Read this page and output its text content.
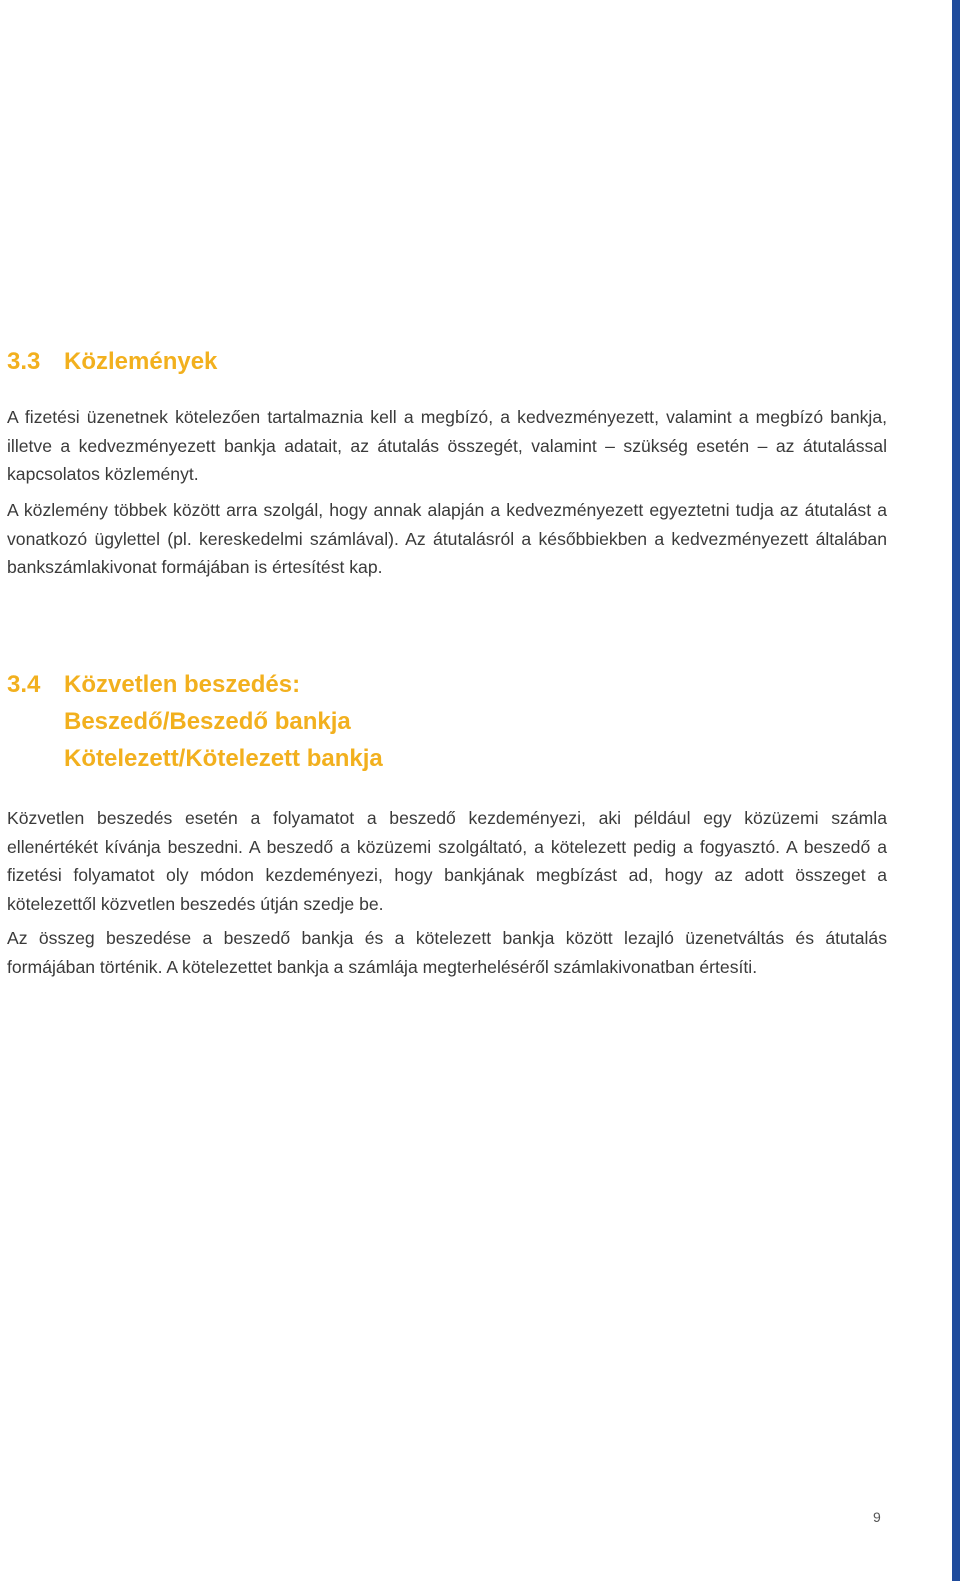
3.3 Közlemények

A fizetési üzenetnek kötelezően tartalmaznia kell a megbízó, a kedvezményezett, valamint a megbízó bankja, illetve a kedvezményezett bankja adatait, az átutalás összegét, valamint – szükség esetén – az átutalással kapcsolatos közleményt.

A közlemény többek között arra szolgál, hogy annak alapján a kedvezményezett egyeztetni tudja az átutalást a vonatkozó ügylettel (pl. kereskedelmi számlával). Az átutalásról a későbbiekben a kedvezményezett általában bankszámlakivonat formájában is értesítést kap.

3.4 Közvetlen beszedés:
Beszedő/Beszedő bankja
Kötelezett/Kötelezett bankja

Közvetlen beszedés esetén a folyamatot a beszedő kezdeményezi, aki például egy közüzemi számla ellenértékét kívánja beszedni. A beszedő a közüzemi szolgáltató, a kötelezett pedig a fogyasztó. A beszedő a fizetési folyamatot oly módon kezdeményezi, hogy bankjának megbízást ad, hogy az adott összeget a kötelezettől közvetlen beszedés útján szedje be.

Az összeg beszedése a beszedő bankja és a kötelezett bankja között lezajló üzenetváltás és átutalás formájában történik. A kötelezettet bankja a számlája megterheléséről számlakivonatban értesíti.

9
